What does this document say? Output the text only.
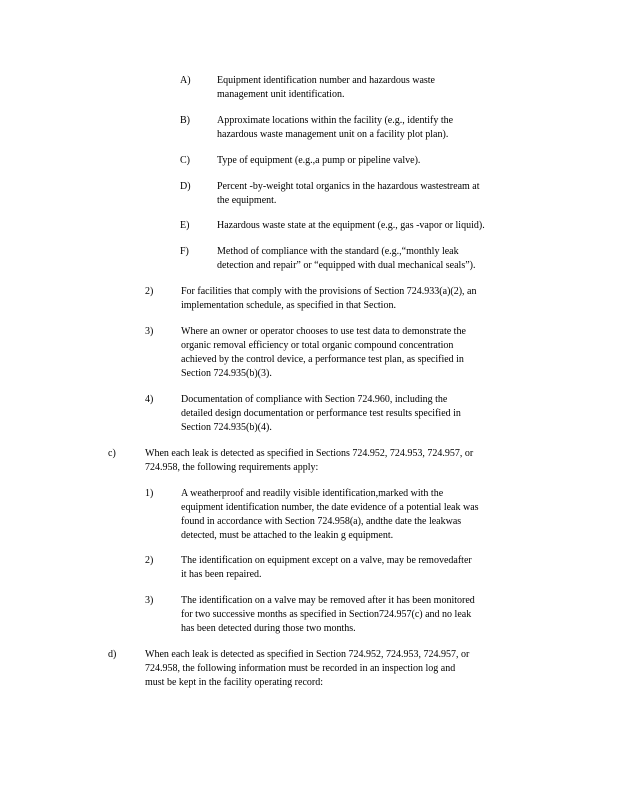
A)	Equipment identification number and hazardous waste
management unit identification.
B)	Approximate locations within the facility (e.g., identify the
hazardous waste management unit on a facility plot plan).
C)	Type of equipment (e.g.,a pump or pipeline valve).
D)	Percent -by-weight total organics in the hazardous wastestream at
the equipment.
E)	Hazardous waste state at the equipment (e.g., gas -vapor or liquid).
F)	Method of compliance with the standard (e.g.,“monthly leak
detection and repair” or “equipped with dual mechanical seals”).
2)	For facilities that comply with the provisions of Section 724.933(a)(2), an
implementation schedule, as specified in that Section.
3)	Where an owner or operator chooses to use test data to demonstrate the
organic removal efficiency or total organic compound concentration
achieved by the control device, a performance test plan, as specified in
Section 724.935(b)(3).
4)	Documentation of compliance with Section 724.960, including the
detailed design documentation or performance test results specified in
Section 724.935(b)(4).
c)	When each leak is detected as specified in Sections 724.952, 724.953, 724.957, or
724.958, the following requirements apply:
1)	A weatherproof and readily visible identification,marked with the
equipment identification number, the date evidence of a potential leak was
found in accordance with Section 724.958(a), andthe date the leakwas
detected, must be attached to the leakin g equipment.
2)	The identification on equipment except on a valve, may be removedafter
it has been repaired.
3)	The identification on a valve may be removed after it has been monitored
for two successive months as specified in Section724.957(c) and no leak
has been detected during those two months.
d)	When each leak is detected as specified in Section 724.952, 724.953, 724.957, or
724.958, the following information must be recorded in an inspection log and
must be kept in the facility operating record:
